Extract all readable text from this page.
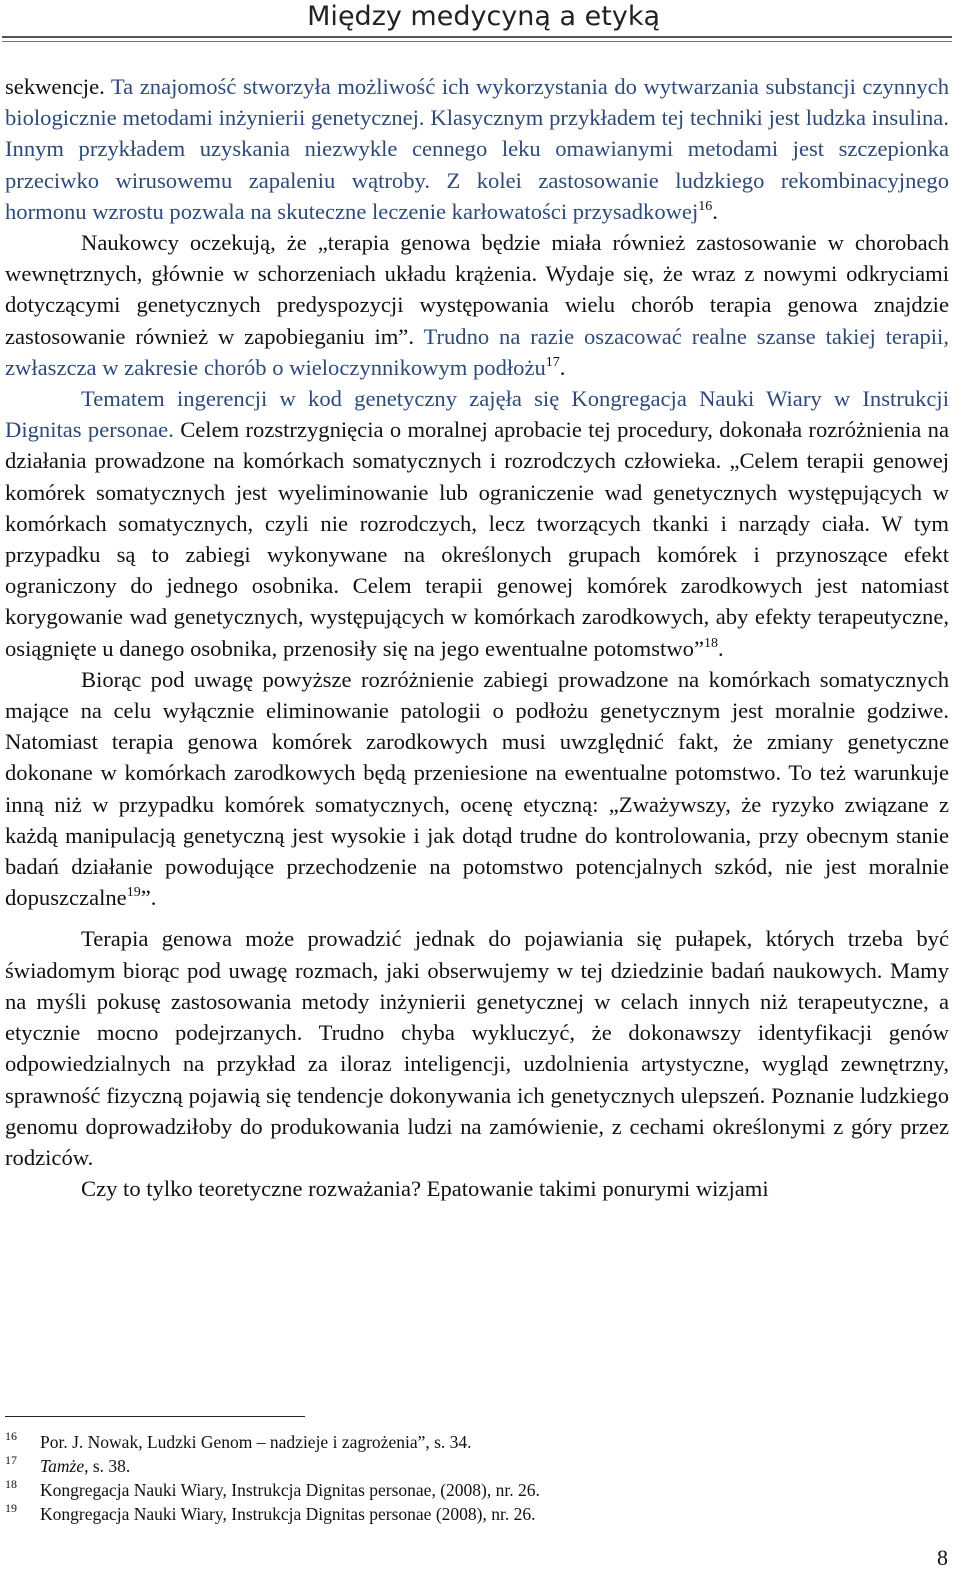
Między medycyną a etyką

sekwencje. Ta znajomość stworzyła możliwość ich wykorzystania do wytwarzania substancji czynnych biologicznie metodami inżynierii genetycznej. Klasycznym przykładem tej techniki jest ludzka insulina. Innym przykładem uzyskania niezwykle cennego leku omawianymi metodami jest szczepionka przeciwko wirusowemu zapaleniu wątroby. Z kolei zastosowanie ludzkiego rekombinacyjnego hormonu wzrostu pozwala na skuteczne leczenie karłowatości przysadkowej$^{16}$.

Naukowcy oczekują, że „terapia genowa będzie miała również zastosowanie w chorobach wewnętrznych, głównie w schorzeniach układu krążenia. Wydaje się, że wraz z nowymi odkryciami dotyczącymi genetycznych predyspozycji występowania wielu chorób terapia genowa znajdzie zastosowanie również w zapobieganiu im”. Trudno na razie oszacować realne szanse takiej terapii, zwłaszcza w zakresie chorób o wieloczynnikowym podłożu$^{17}$.

Tematem ingerencji w kod genetyczny zajęła się Kongregacja Nauki Wiary w Instrukcji Dignitas personae. Celem rozstrzygnięcia o moralnej aprobacie tej procedury, dokonała rozróżnienia na działania prowadzone na komórkach somatycznych i rozrodczych człowieka. „Celem terapii genowej komórek somatycznych jest wyeliminowanie lub ograniczenie wad genetycznych występujących w komórkach somatycznych, czyli nie rozrodczych, lecz tworzących tkanki i narządy ciała. W tym przypadku są to zabiegi wykonywane na określonych grupach komórek i przynoszące efekt ograniczony do jednego osobnika. Celem terapii genowej komórek zarodkowych jest natomiast korygowanie wad genetycznych, występujących w komórkach zarodkowych, aby efekty terapeutyczne, osiągnięte u danego osobnika, przenosiły się na jego ewentualne potomstwo”$^{18}$.

Biorąc pod uwagę powyższe rozróżnienie zabiegi prowadzone na komórkach somatycznych mające na celu wyłącznie eliminowanie patologii o podłożu genetycznym jest moralnie godziwe. Natomiast terapia genowa komórek zarodkowych musi uwzględnić fakt, że zmiany genetyczne dokonane w komórkach zarodkowych będą przeniesione na ewentualne potomstwo. To też warunkuje inną niż w przypadku komórek somatycznych, ocenę etyczną: „Zważywszy, że ryzyko związane z każdą manipulacją genetyczną jest wysokie i jak dotąd trudne do kontrolowania, przy obecnym stanie badań działanie powodujące przechodzenie na potomstwo potencjalnych szkód, nie jest moralnie dopuszczalne$^{19}$”.

Terapia genowa może prowadzić jednak do pojawiania się pułapek, których trzeba być świadomym biorąc pod uwagę rozmach, jaki obserwujemy w tej dziedzinie badań naukowych. Mamy na myśli pokusę zastosowania metody inżynierii genetycznej w celach innych niż terapeutyczne, a etycznie mocno podejrzanych. Trudno chyba wykluczyć, że dokonawszy identyfikacji genów odpowiedzialnych na przykład za iloraz inteligencji, uzdolnienia artystyczne, wygląd zewnętrzny, sprawność fizyczną pojawią się tendencje dokonywania ich genetycznych ulepszeń. Poznanie ludzkiego genomu doprowadziłoby do produkowania ludzi na zamówienie, z cechami określonymi z góry przez rodziców.

Czy to tylko teoretyczne rozważania? Epatowanie takimi ponurymi wizjami

16 Por. J. Nowak, Ludzki Genom – nadzieje i zagrożenia”, s. 34.
17 Tamże, s. 38.
18 Kongregacja Nauki Wiary, Instrukcja Dignitas personae, (2008), nr. 26.
19 Kongregacja Nauki Wiary, Instrukcja Dignitas personae (2008), nr. 26.
8
